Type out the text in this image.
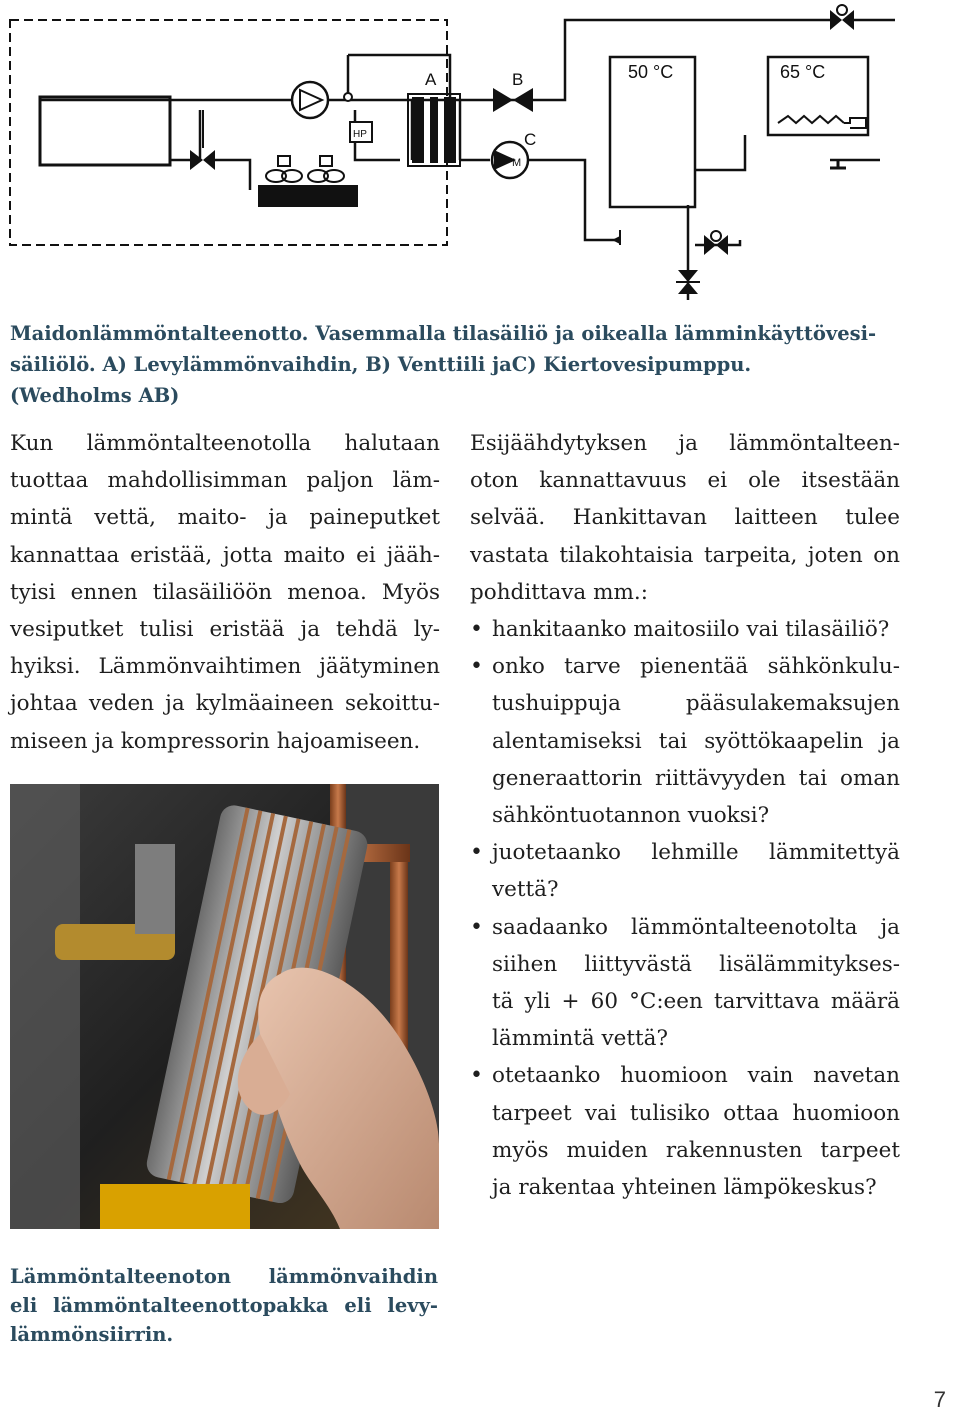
HP
A	B
M
C
50 °C	65 °C
Maidonlämmöntalteenotto. Vasemmalla tilasäiliö ja oikealla lämminkäyttövesi-
säiliölö. A) Levylämmönvaihdin, B) Venttiili jaC) Kiertovesipumppu.
(Wedholms AB)
Kun lämmöntalteenotolla halutaan
tuottaa mahdollisimman paljon läm-
mintä vettä, maito- ja paineputket
kannattaa eristää, jotta maito ei jääh-
tyisi ennen tilasäiliöön menoa. Myös
vesiputket tulisi eristää ja tehdä ly-
hyiksi. Lämmönvaihtimen jäätyminen
johtaa veden ja kylmäaineen sekoittu-
miseen ja kompressorin hajoamiseen.
Esijäähdytyksen ja lämmöntalteen-
oton kannattavuus ei ole itsestään
selvää. Hankittavan laitteen tulee
vastata tilakohtaisia tarpeita, joten on
pohdittava mm.:
• hankitaanko maitosiilo vai tilasäiliö?
• onko tarve pienentää sähkönkulu-
tushuippuja pääsulakemaksujen
alentamiseksi tai syöttökaapelin ja
generaattorin riittävyyden tai oman
sähköntuotannon vuoksi?
• juotetaanko lehmille lämmitettyä
vettä?
• saadaanko lämmöntalteenotolta ja
siihen liittyvästä lisälämmitykses-
tä yli + 60 °C:een tarvittava määrä
lämmintä vettä?
• otetaanko huomioon vain navetan
tarpeet vai tulisiko ottaa huomioon
myös muiden rakennusten tarpeet
ja rakentaa yhteinen lämpökeskus?
Lämmöntalteenoton lämmönvaihdin
eli lämmöntalteenottopakka eli levy-
lämmönsiirrin.
7
